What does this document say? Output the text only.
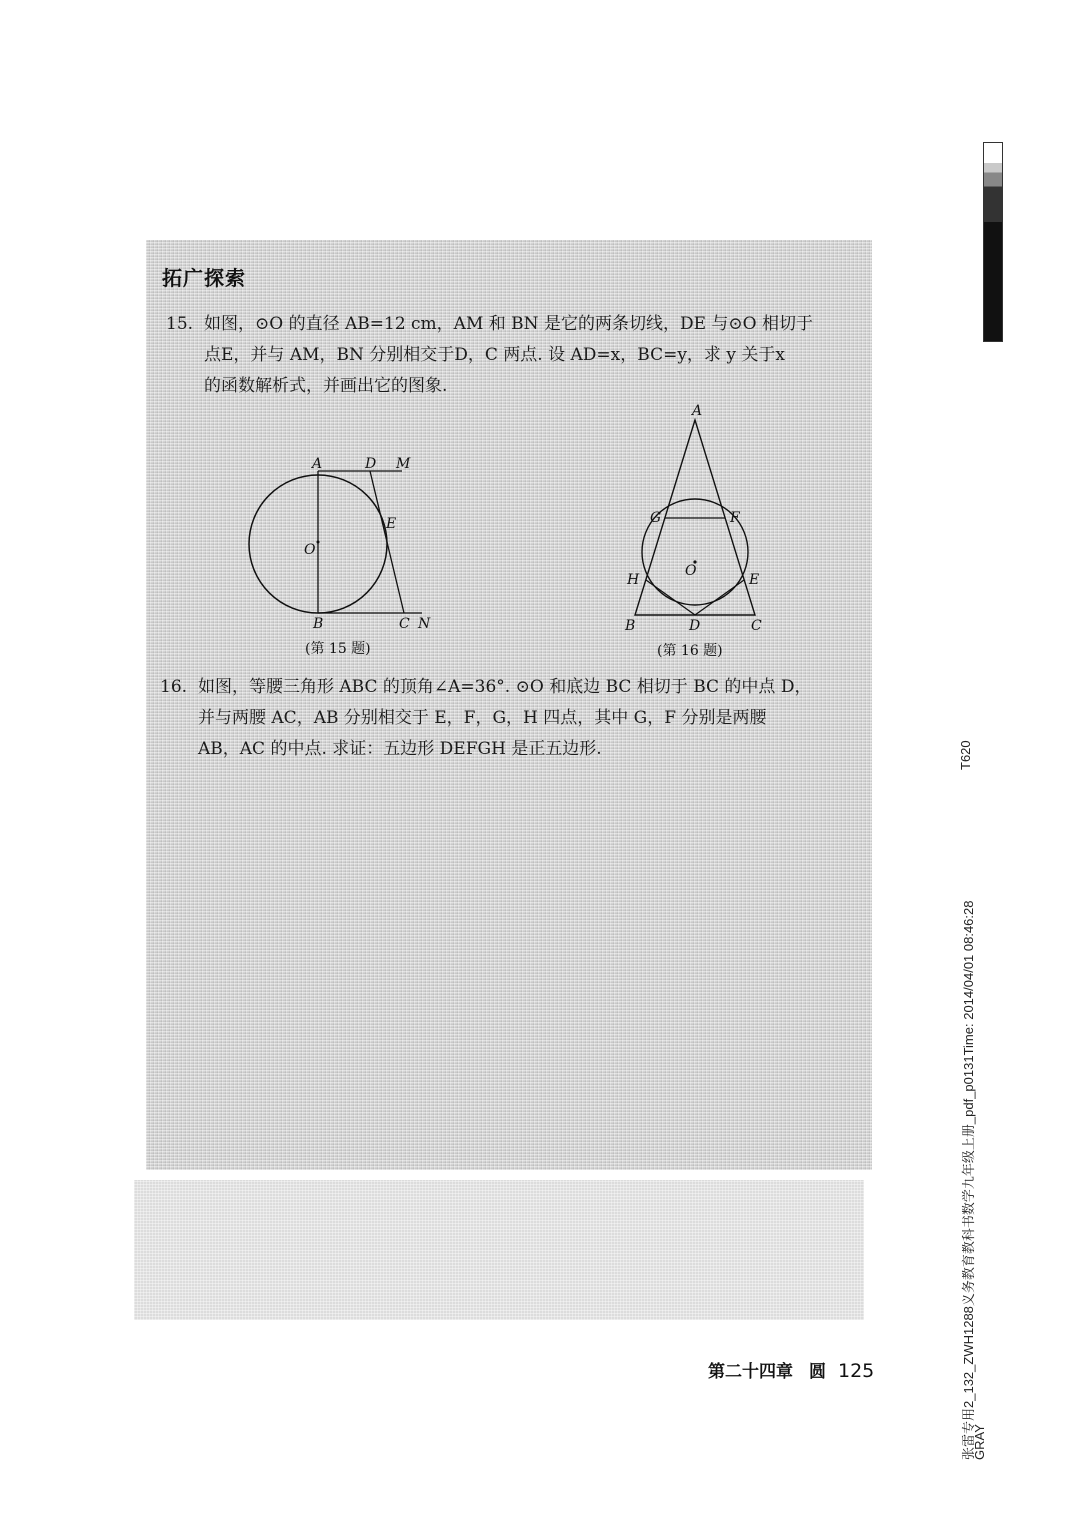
拓广探索
15. 如图，⊙O 的直径 AB=12 cm，AM 和 BN 是它的两条切线，DE 与⊙O 相切于
点E，并与 AM，BN 分别相交于D，C 两点. 设 AD=x，BC=y，求 y 关于x
的函数解析式，并画出它的图象.
A	D M
E
O
B	C N
(第 15 题)
A
G	F
O
H	E
B	D	C
(第 16 题)
16. 如图，等腰三角形 ABC 的顶角∠A=36°. ⊙O 和底边 BC 相切于 BC 的中点 D，
并与两腰 AC，AB 分别相交于 E，F，G，H 四点，其中 G，F 分别是两腰
AB，AC 的中点. 求证：五边形 DEFGH 是正五边形.
第二十四章 圆 125	张雷专用2_132_ZWH1288义务教育教科书数学九年级上册_pdf_p0131Time: 2014/04/01 08:46:28
GRAY
T620
